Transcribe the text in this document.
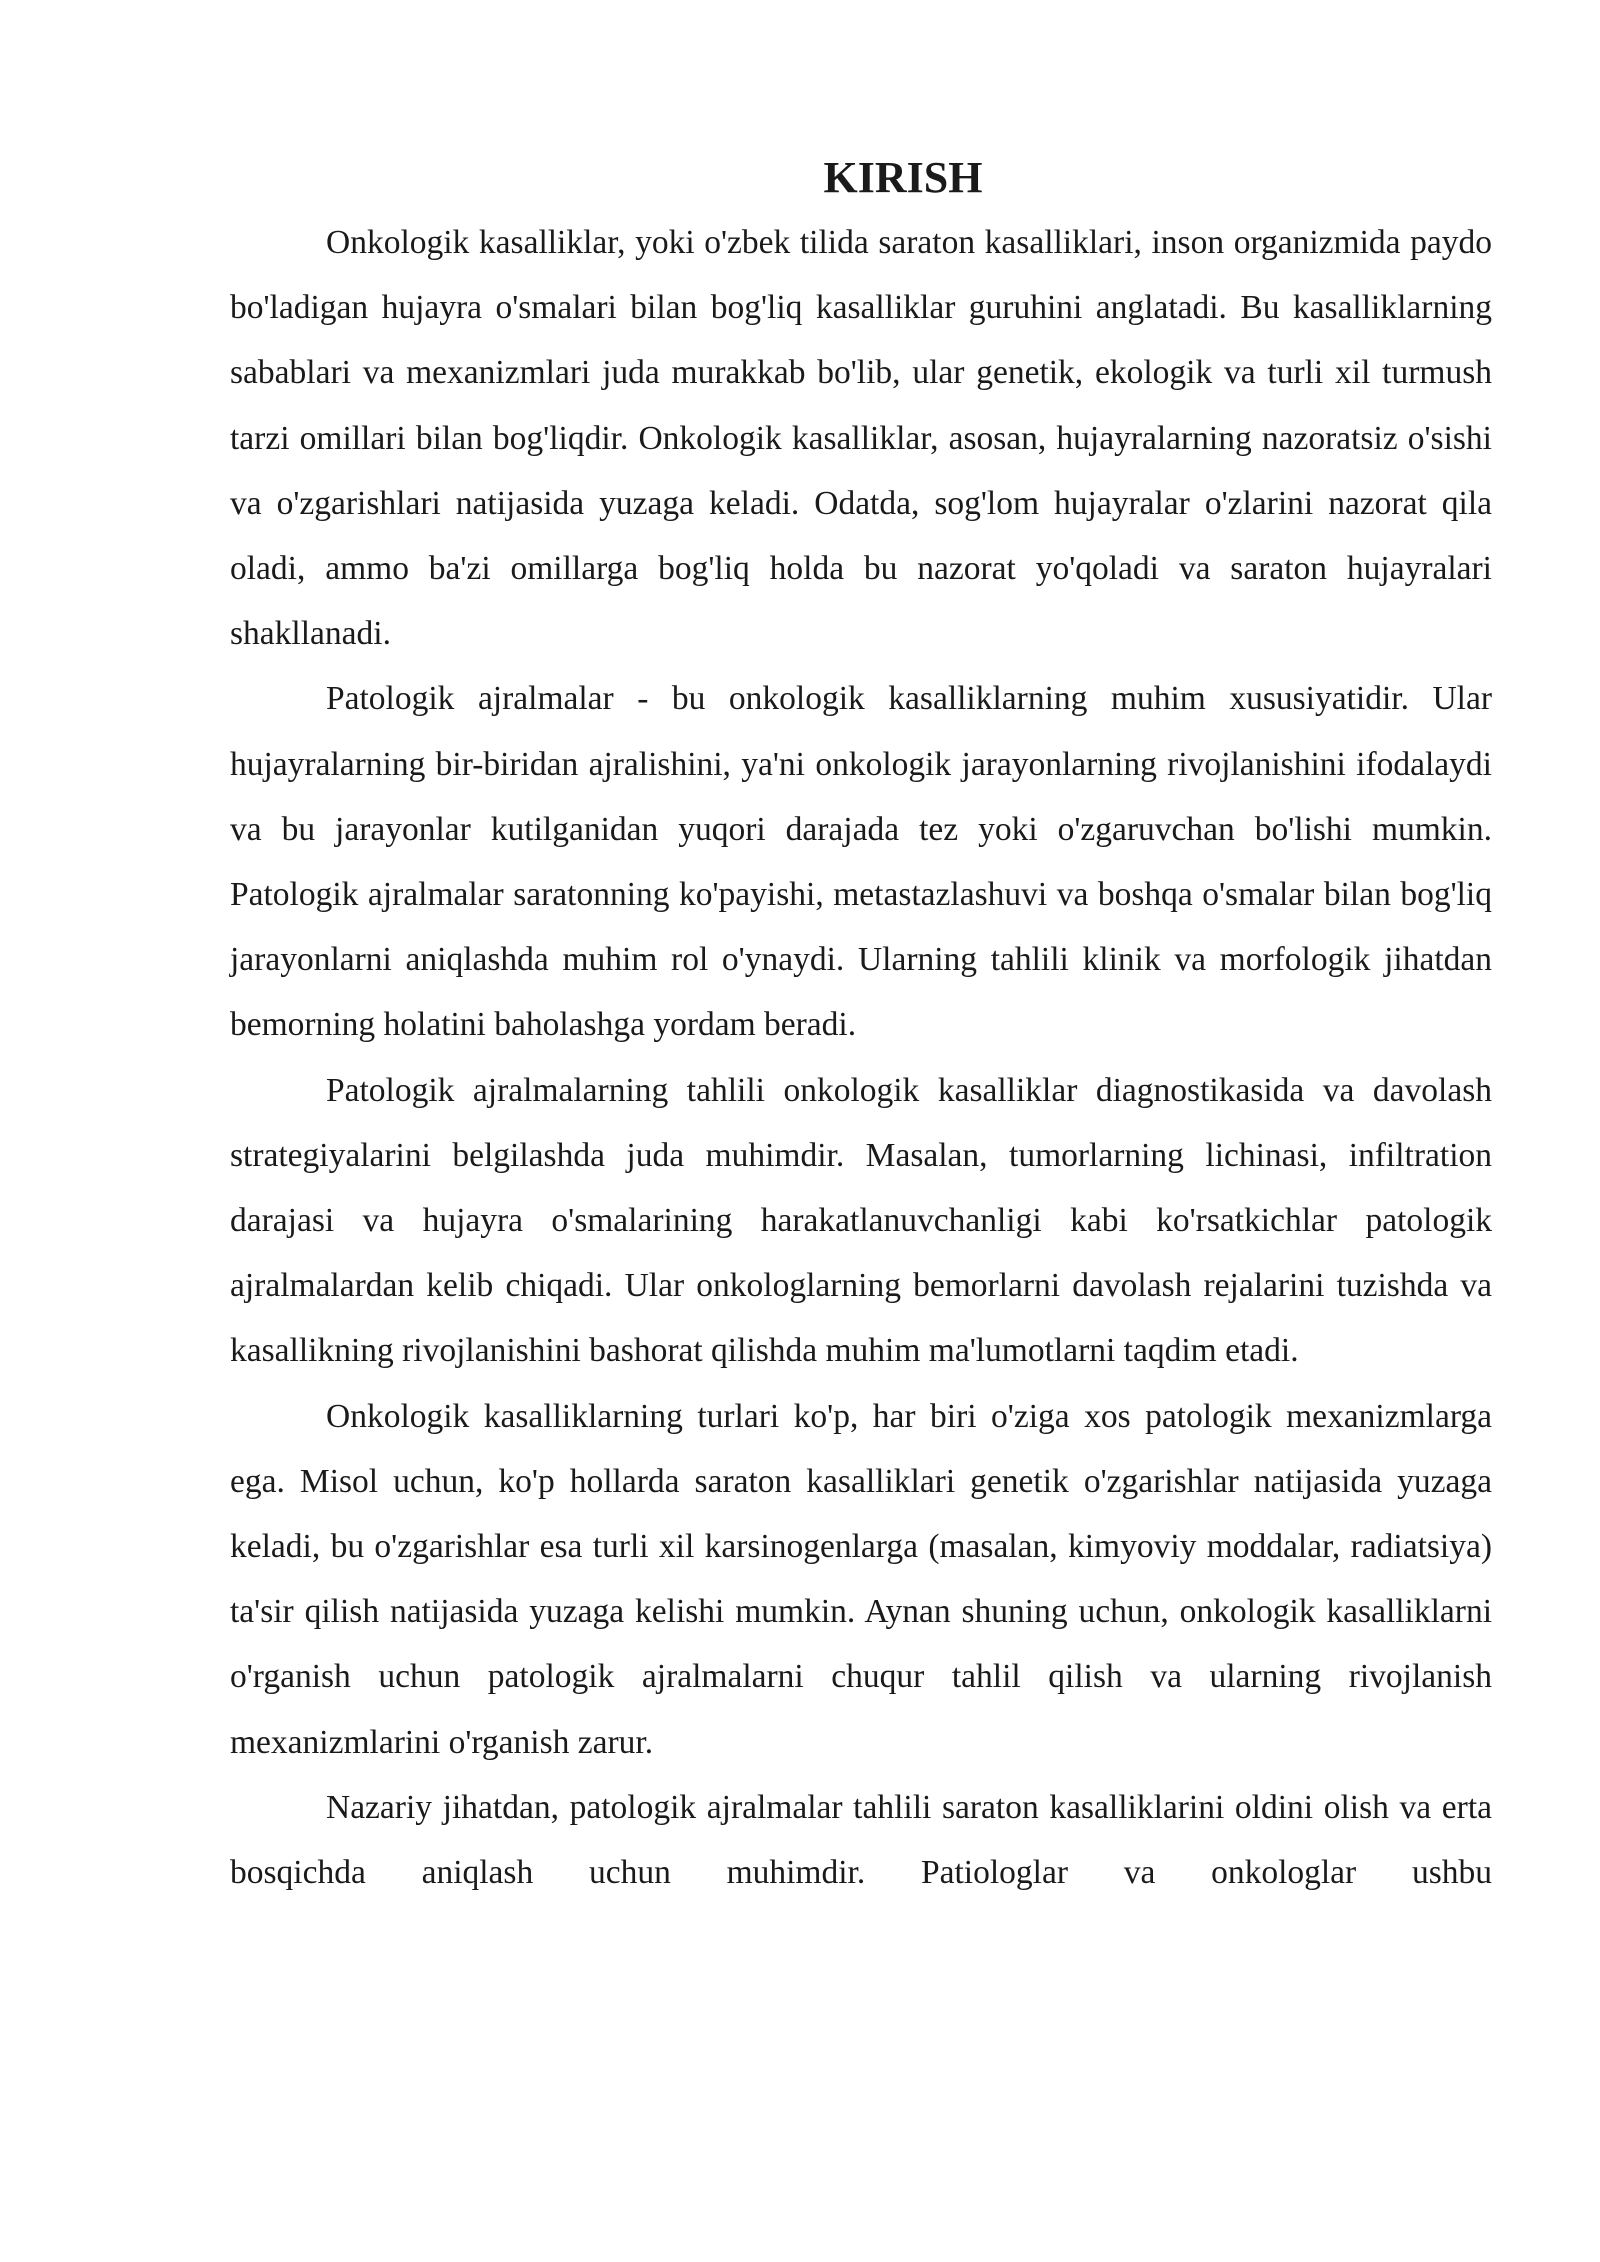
KIRISH

Onkologik kasalliklar, yoki o'zbek tilida saraton kasalliklari, inson organizmida paydo bo'ladigan hujayra o'smalari bilan bog'liq kasalliklar guruhini anglatadi. Bu kasalliklarning sabablari va mexanizmlari juda murakkab bo'lib, ular genetik, ekologik va turli xil turmush tarzi omillari bilan bog'liqdir. Onkologik kasalliklar, asosan, hujayralarning nazoratsiz o'sishi va o'zgarishlari natijasida yuzaga keladi. Odatda, sog'lom hujayralar o'zlarini nazorat qila oladi, ammo ba'zi omillarga bog'liq holda bu nazorat yo'qoladi va saraton hujayralari shakllanadi.

Patologik ajralmalar - bu onkologik kasalliklarning muhim xususiyatidir. Ular hujayralarning bir-biridan ajralishini, ya'ni onkologik jarayonlarning rivojlanishini ifodalaydi va bu jarayonlar kutilganidan yuqori darajada tez yoki o'zgaruvchan bo'lishi mumkin. Patologik ajralmalar saratonning ko'payishi, metastazlashuvi va boshqa o'smalar bilan bog'liq jarayonlarni aniqlashda muhim rol o'ynaydi. Ularning tahlili klinik va morfologik jihatdan bemorning holatini baholashga yordam beradi.

Patologik ajralmalarning tahlili onkologik kasalliklar diagnostikasida va davolash strategiyalarini belgilashda juda muhimdir. Masalan, tumorlarning lichinasi, infiltration darajasi va hujayra o'smalarining harakatlanuvchanligi kabi ko'rsatkichlar patologik ajralmalardan kelib chiqadi. Ular onkologlarning bemorlarni davolash rejalarini tuzishda va kasallikning rivojlanishini bashorat qilishda muhim ma'lumotlarni taqdim etadi.

Onkologik kasalliklarning turlari ko'p, har biri o'ziga xos patologik mexanizmlarga ega. Misol uchun, ko'p hollarda saraton kasalliklari genetik o'zgarishlar natijasida yuzaga keladi, bu o'zgarishlar esa turli xil karsinogenlarga (masalan, kimyoviy moddalar, radiatsiya) ta'sir qilish natijasida yuzaga kelishi mumkin. Aynan shuning uchun, onkologik kasalliklarni o'rganish uchun patologik ajralmalarni chuqur tahlil qilish va ularning rivojlanish mexanizmlarini o'rganish zarur.

Nazariy jihatdan, patologik ajralmalar tahlili saraton kasalliklarini oldini olish va erta bosqichda aniqlash uchun muhimdir. Patiologlar va onkologlar ushbu
